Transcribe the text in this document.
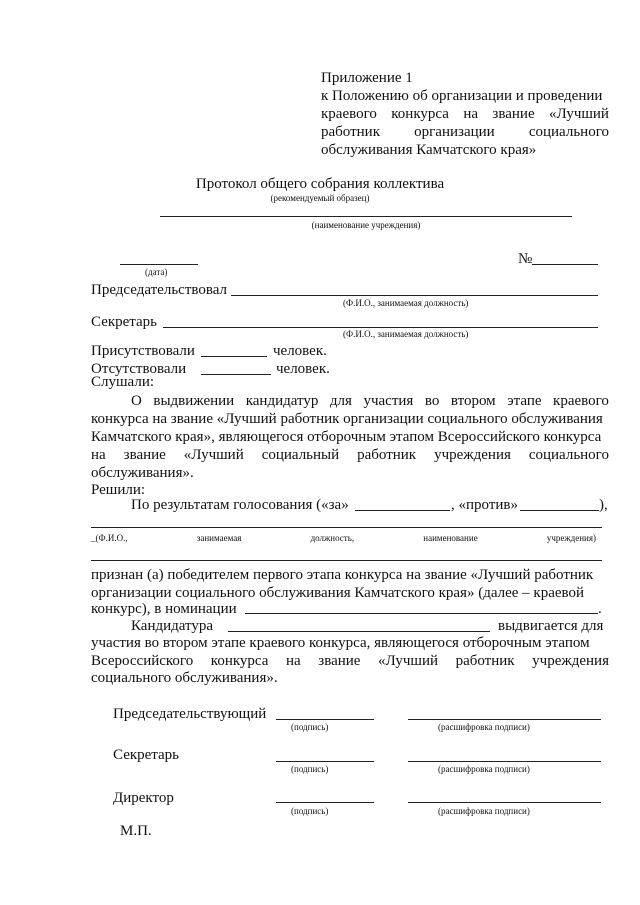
Приложение 1
к Положению об организации и проведении
краевого конкурса на звание «Лучший
работник организации социального
обслуживания Камчатского края»
Протокол общего собрания коллектива
(рекомендуемый образец)
(наименование учреждения)
(дата)
№
Председательствовал
(Ф.И.О., занимаемая должность)
Секретарь
(Ф.И.О., занимаемая должность)
Присутствовали	человек.
Отсутствовали	человек.
Слушали:
О выдвижении кандидатур для участия во втором этапе краевого
конкурса на звание «Лучший работник организации социального обслуживания
Камчатского края», являющегося отборочным этапом Всероссийского конкурса
на звание «Лучший социальный работник учреждения социального
обслуживания».
Решили:
По результатам голосования («за»	, «против»	),
_(Ф.И.О.,	занимаемая	должность,	наименование	учреждения)
признан (а) победителем первого этапа конкурса на звание «Лучший работник
организации социального обслуживания Камчатского края» (далее – краевой
конкурс), в номинации	.
Кандидатура	выдвигается для
участия во втором этапе краевого конкурса, являющегося отборочным этапом
Всероссийского конкурса на звание «Лучший работник учреждения
социального обслуживания».
Председательствующий
(подпись)	(расшифровка подписи)
Секретарь
(подпись)	(расшифровка подписи)
Директор
(подпись)	(расшифровка подписи)
М.П.
